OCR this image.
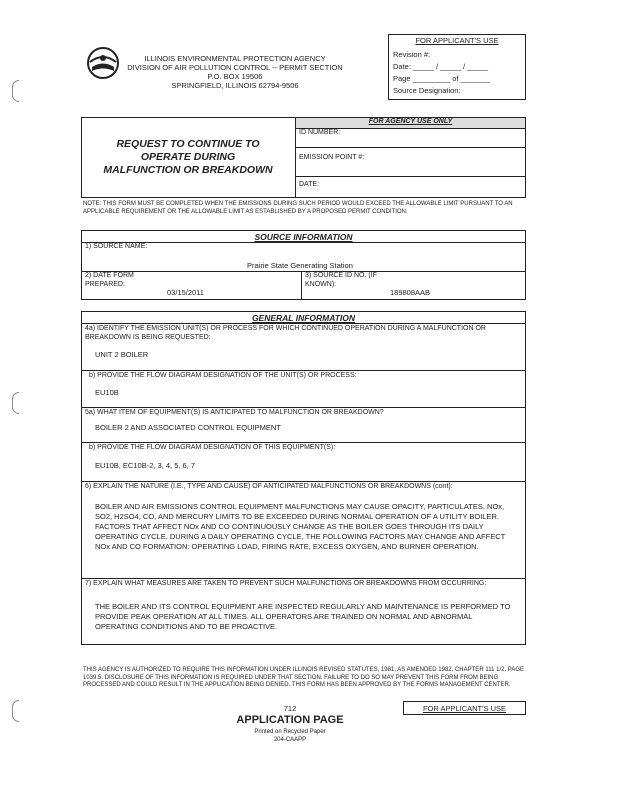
ILLINOIS ENVIRONMENTAL PROTECTION AGENCY
DIVISION OF AIR POLLUTION CONTROL -- PERMIT SECTION
P.O. BOX 19506
SPRINGFIELD, ILLINOIS 62794-9506
FOR APPLICANT'S USE
Revision #:
Date: _____ / _____ / _____
Page _________ of _______
Source Designation:
REQUEST TO CONTINUE TO
OPERATE DURING
MALFUNCTION OR BREAKDOWN
FOR AGENCY USE ONLY
ID NUMBER:
EMISSION POINT #:
DATE:
NOTE: THIS FORM MUST BE COMPLETED WHEN THE EMISSIONS DURING SUCH PERIOD WOULD EXCEED THE ALLOWABLE LIMIT PURSUANT TO AN APPLICABLE REQUIREMENT OR THE ALLOWABLE LIMIT AS ESTABLISHED BY A PROPOSED PERMIT CONDITION.
SOURCE INFORMATION
1) SOURCE NAME:
Prairie State Generating Station
2) DATE FORM PREPARED:
03/15/2011
3) SOURCE ID NO. (IF KNOWN):
189808AAB
GENERAL INFORMATION
4a) IDENTIFY THE EMISSION UNIT(S) OR PROCESS FOR WHICH CONTINUED OPERATION DURING A MALFUNCTION OR BREAKDOWN IS BEING REQUESTED:
UNIT 2 BOILER
b) PROVIDE THE FLOW DIAGRAM DESIGNATION OF THE UNIT(S) OR PROCESS:
EU10B
5a) WHAT ITEM OF EQUIPMENT(S) IS ANTICIPATED TO MALFUNCTION OR BREAKDOWN?
BOILER 2 AND ASSOCIATED CONTROL EQUIPMENT
b) PROVIDE THE FLOW DIAGRAM DESIGNATION OF THIS EQUIPMENT(S):
EU10B, EC10B-2, 3, 4, 5, 6, 7
6) EXPLAIN THE NATURE (I.E., TYPE AND CAUSE) OF ANTICIPATED MALFUNCTIONS OR BREAKDOWNS (cont):
BOILER AND AIR EMISSIONS CONTROL EQUIPMENT MALFUNCTIONS MAY CAUSE OPACITY, PARTICULATES, NOx, SO2, H2SO4, CO, AND MERCURY LIMITS TO BE EXCEEDED DURING NORMAL OPERATION OF A UTILITY BOILER. FACTORS THAT AFFECT NOx AND CO CONTINUOUSLY CHANGE AS THE BOILER GOES THROUGH ITS DAILY OPERATING CYCLE. DURING A DAILY OPERATING CYCLE, THE FOLLOWING FACTORS MAY CHANGE AND AFFECT NOx AND CO FORMATION: OPERATING LOAD, FIRING RATE, EXCESS OXYGEN, AND BURNER OPERATION.
7) EXPLAIN WHAT MEASURES ARE TAKEN TO PREVENT SUCH MALFUNCTIONS OR BREAKDOWNS FROM OCCURRING:
THE BOILER AND ITS CONTROL EQUIPMENT ARE INSPECTED REGULARLY AND MAINTENANCE IS PERFORMED TO PROVIDE PEAK OPERATION AT ALL TIMES. ALL OPERATORS ARE TRAINED ON NORMAL AND ABNORMAL OPERATING CONDITIONS AND TO BE PROACTIVE.
THIS AGENCY IS AUTHORIZED TO REQUIRE THIS INFORMATION UNDER ILLINOIS REVISED STATUTES, 1981, AS AMENDED 1982, CHAPTER 111 1/2, PAGE 1039.5. DISCLOSURE OF THIS INFORMATION IS REQUIRED UNDER THAT SECTION. FAILURE TO DO SO MAY PREVENT THIS FORM FROM BEING PROCESSED AND COULD RESULT IN THE APPLICATION BEING DENIED. THIS FORM HAS BEEN APPROVED BY THE FORMS MANAGEMENT CENTER.
712
APPLICATION PAGE
Printed on Recycled Paper
204-CAAPP
FOR APPLICANT'S USE
